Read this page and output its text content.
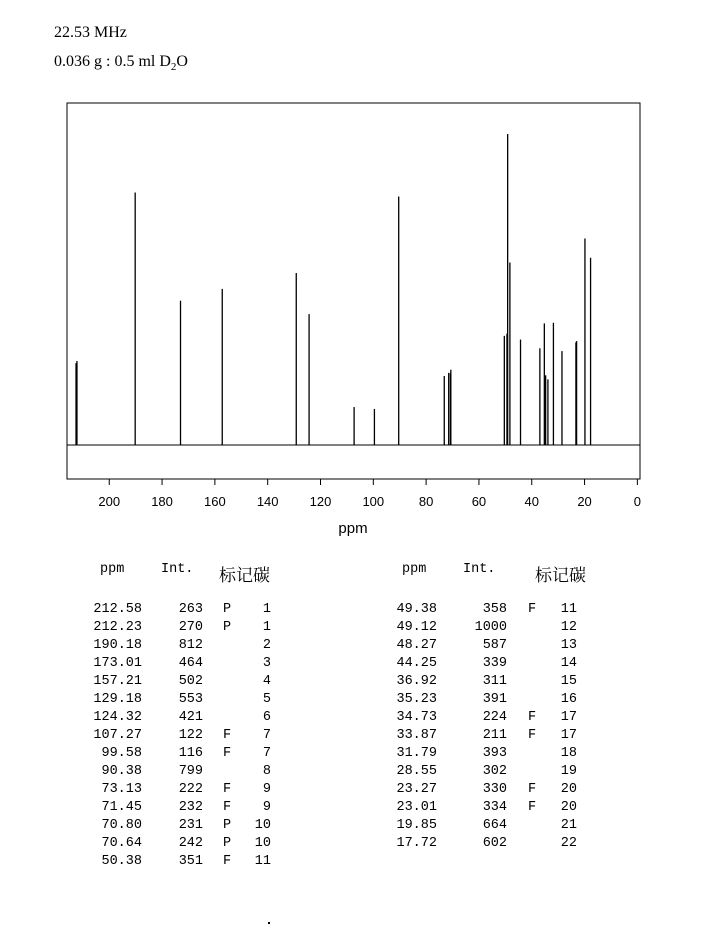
22.53 MHz
0.036 g : 0.5 ml $D_2O$
200 180 160 140 120 100	80	60	40	20	0
ppm
ppm	Int. 标记碳
212.58	263 P	1
212.23	270 P	1
190.18	812	2
173.01	464	3
157.21	502	4
129.18	553	5
124.32	421	6
107.27	122 F	7
99.58	116 F	7
90.38	799	8
73.13	222 F	9
71.45	232 F	9
70.80	231 P	10
70.64	242 P	10
50.38	351 F	11
ppm	Int. 标记碳
49.38	358 F	11
49.12	1000	12
48.27	587	13
44.25	339	14
36.92	311	15
35.23	391	16
34.73	224 F	17
33.87	211 F	17
31.79	393	18
28.55	302	19
23.27	330 F	20
23.01	334 F	20
19.85	664	21
17.72	602	22
